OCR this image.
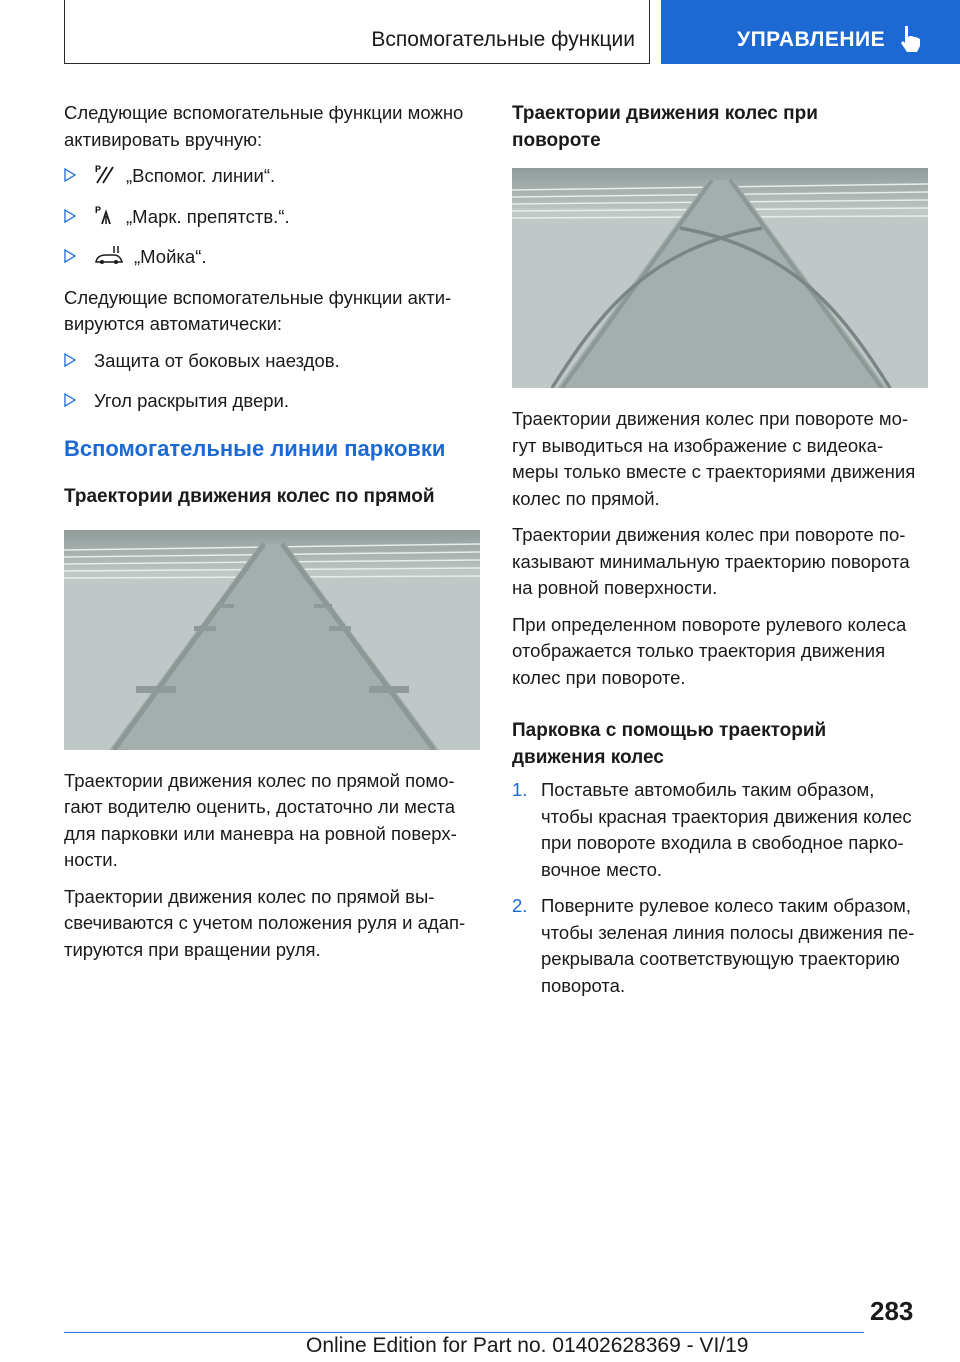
Вспомогательные функции	УПРАВЛЕНИЕ

Следующие вспомогательные функции можно активировать вручную:

P „Вспомог. линии“.
P „Марк. препятств.“.
„Мойка“.

Следующие вспомогательные функции акти-
вируются автоматически:

Защита от боковых наездов.
Угол раскрытия двери.
Вспомогательные линии парковки
Траектории движения колес по прямой

Траектории движения колес по прямой помо-
гают водителю оценить, достаточно ли места
для парковки или маневра на ровной поверх-
ности.

Траектории движения колес по прямой вы-
свечиваются с учетом положения руля и адап-
тируются при вращении руля.

Траектории движения колес при
повороте

Траектории движения колес при повороте мо-
гут выводиться на изображение с видеока-
меры только вместе с траекториями движения
колес по прямой.

Траектории движения колес при повороте по-
казывают минимальную траекторию поворота
на ровной поверхности.

При определенном повороте рулевого колеса
отображается только траектория движения
колес при повороте.

Парковка с помощью траекторий
движения колес
1. Поставьте автомобиль таким образом,
чтобы красная траектория движения колес
при повороте входила в свободное парко-
вочное место.
2. Поверните рулевое колесо таким образом,
чтобы зеленая линия полосы движения пе-
рекрывала соответствующую траекторию
поворота.
283
Online Edition for Part no. 01402628369 - VI/19
